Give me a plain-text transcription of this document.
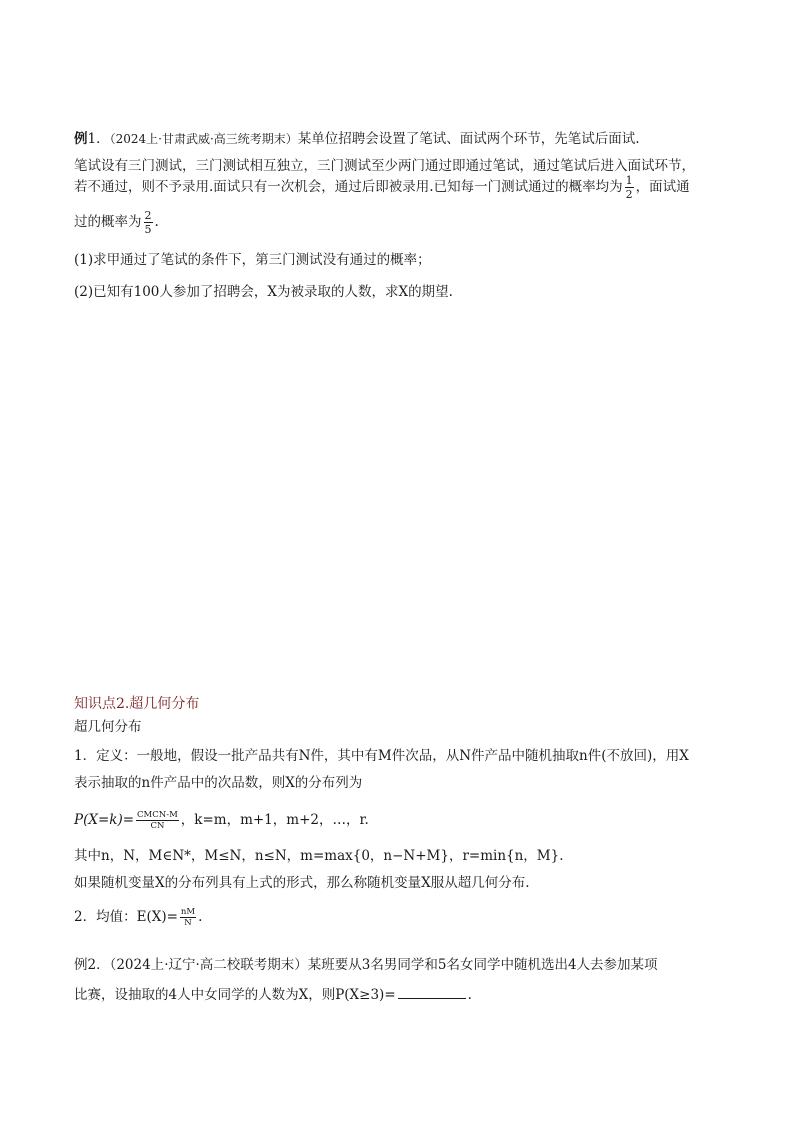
例1．（2024上·甘肃武威·高三统考期末）某单位招聘会设置了笔试、面试两个环节，先笔试后面试.
笔试设有三门测试，三门测试相互独立，三门测试至少两门通过即通过笔试，通过笔试后进入面试环节，
若不通过，则不予录用.面试只有一次机会，通过后即被录用.已知每一门测试通过的概率均为 $\frac{1}{2}$ ，面试通
过的概率为 $\frac{2}{5}$ .
(1)求甲通过了笔试的条件下，第三门测试没有通过的概率；
(2)已知有100人参加了招聘会，X为被录取的人数，求X的期望.
知识点2.超几何分布
超几何分布
1．定义：一般地，假设一批产品共有N件，其中有M件次品，从N件产品中随机抽取n件(不放回)，用X
表示抽取的n件产品中的次品数，则X的分布列为
$P(X=k)= \frac{\text{CMCN-M}}{CN}$ ，k=m，m+1，m+2，…，r.
其中n，N，M∈N*，M≤N，n≤N，m=max{0，n−N+M}，r=min{n，M}.
如果随机变量X的分布列具有上式的形式，那么称随机变量X服从超几何分布.
2．均值：$E(X)= \frac{nM}{N}$ .
例2．（2024上·辽宁·高二校联考期末）某班要从3名男同学和5名女同学中随机选出4人去参加某项
比赛，设抽取的4人中女同学的人数为X，则P(X≥3)=	.
